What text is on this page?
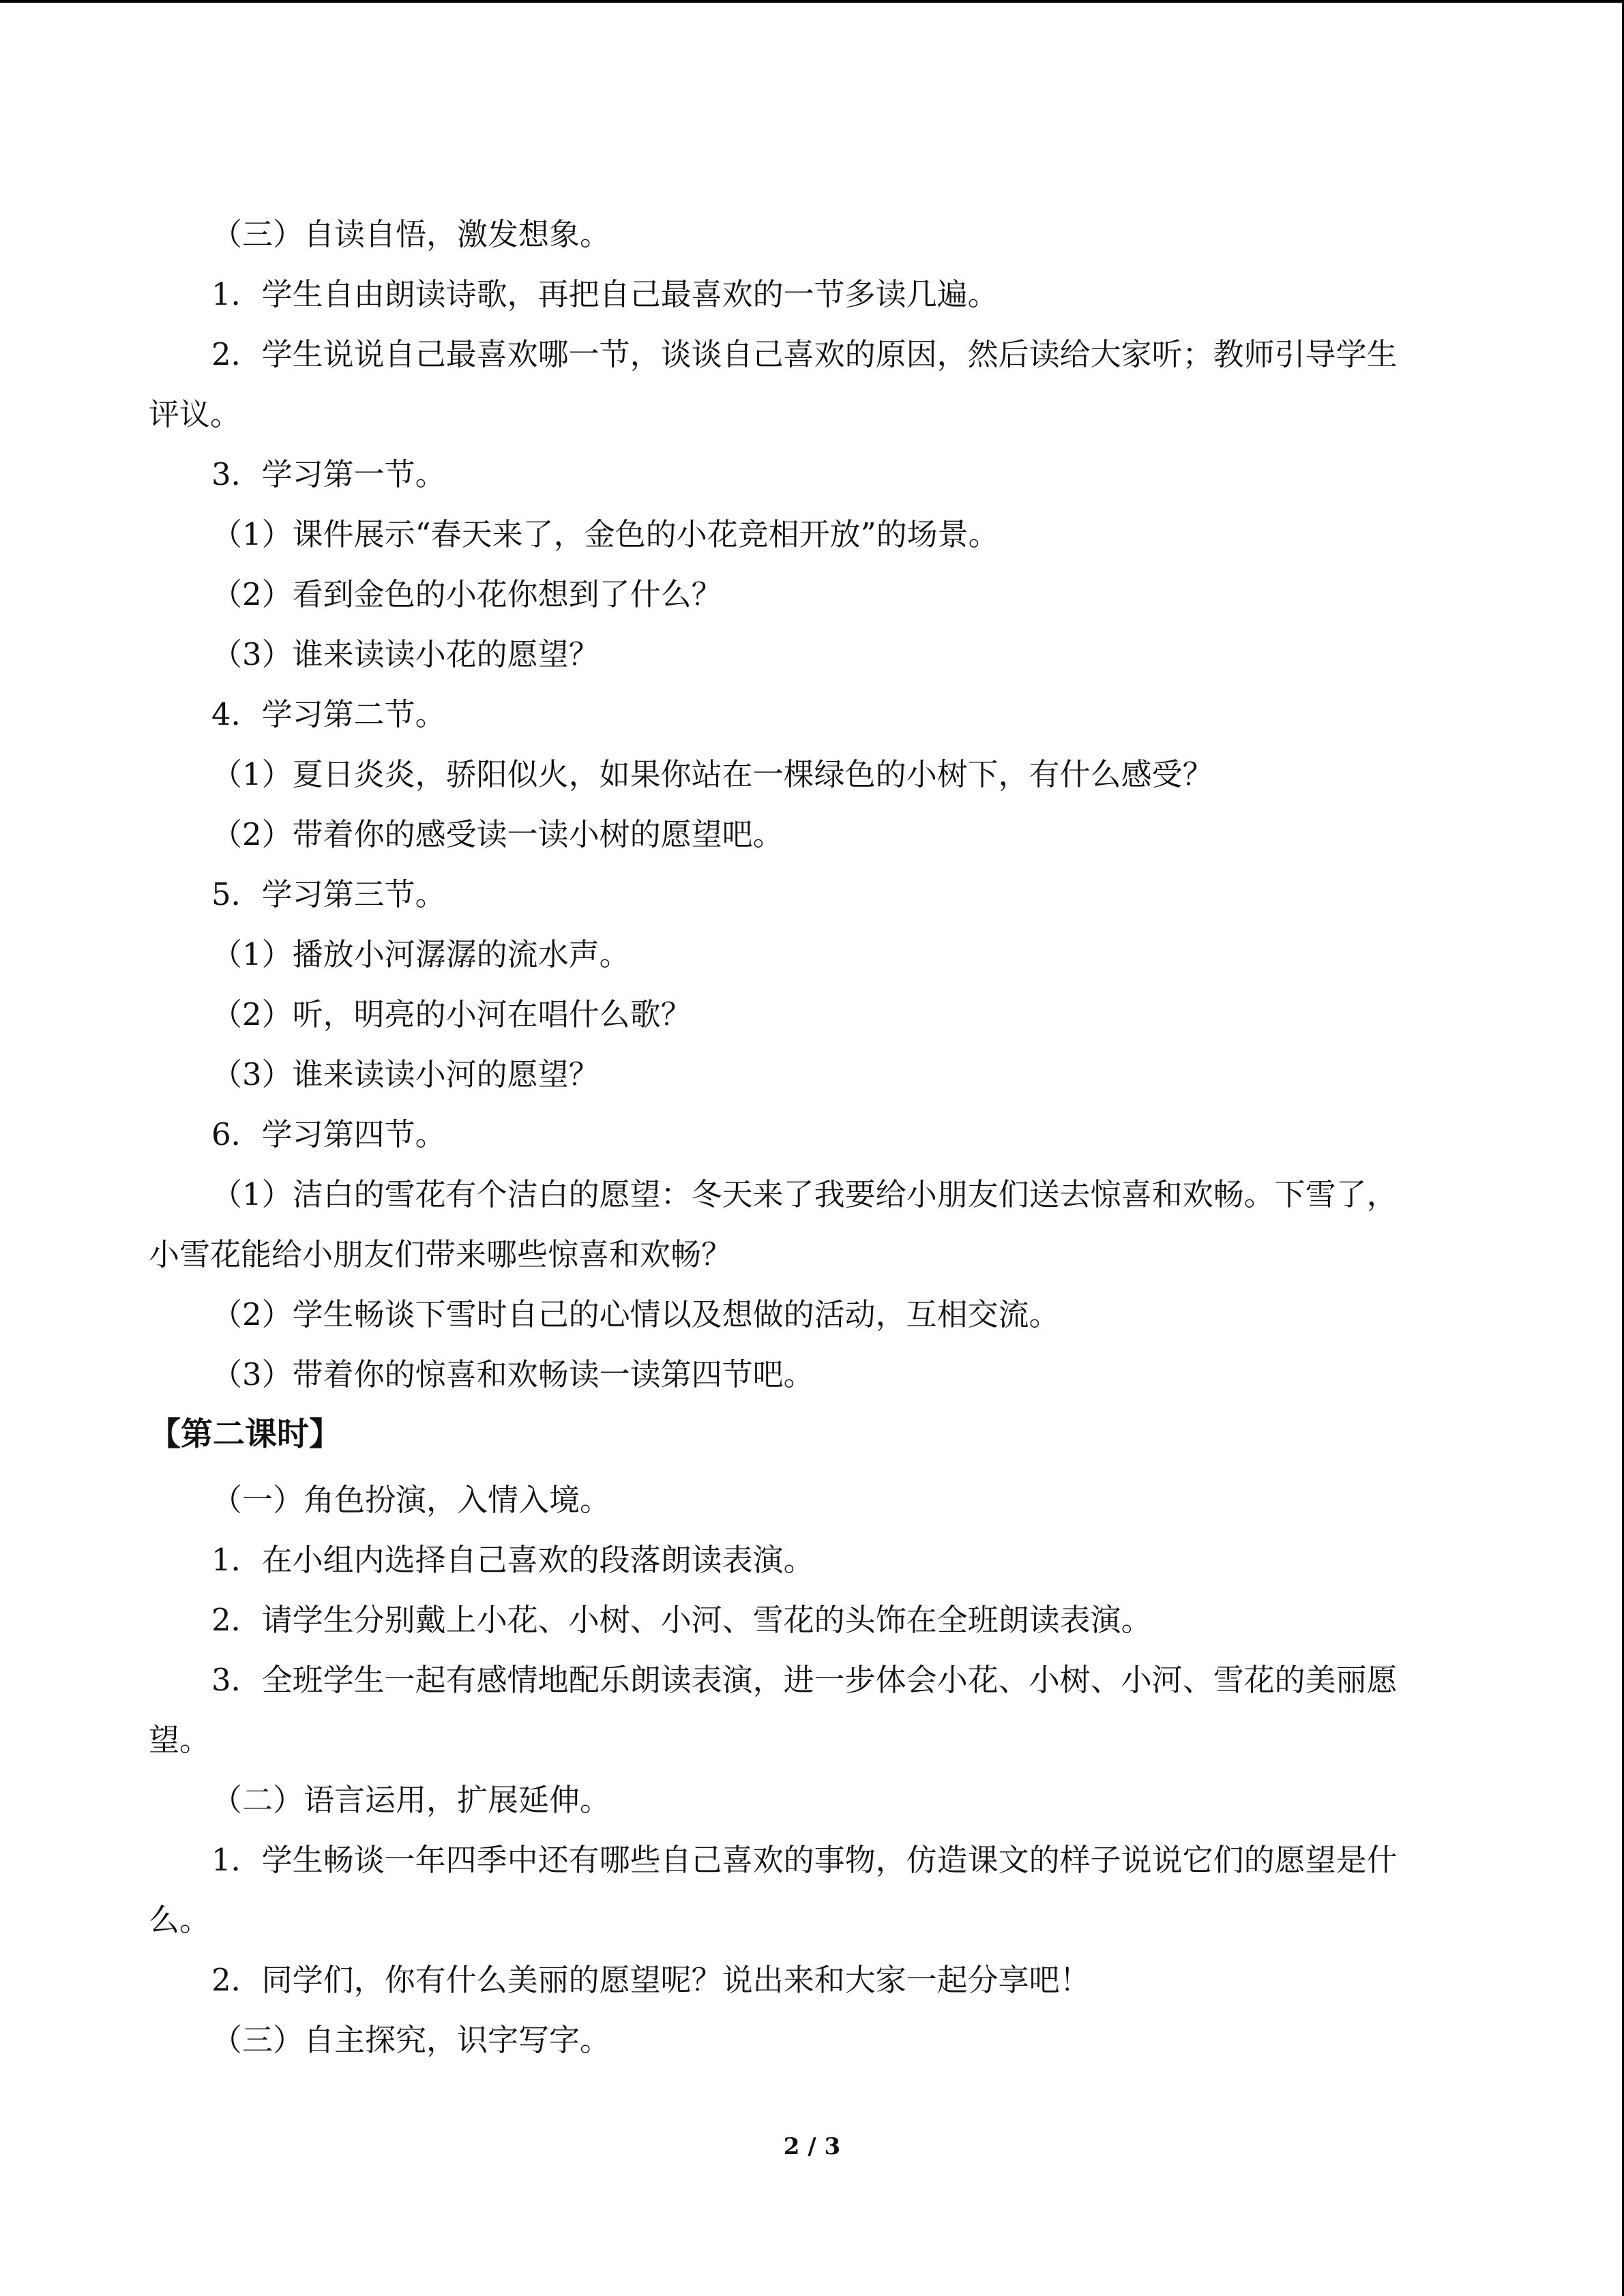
（三）自读自悟，激发想象。

1．学生自由朗读诗歌，再把自己最喜欢的一节多读几遍。

2．学生说说自己最喜欢哪一节，谈谈自己喜欢的原因，然后读给大家听；教师引导学生

评议。

3．学习第一节。

（1）课件展示“春天来了，金色的小花竞相开放”的场景。

（2）看到金色的小花你想到了什么？

（3）谁来读读小花的愿望？

4．学习第二节。

（1）夏日炎炎，骄阳似火，如果你站在一棵绿色的小树下，有什么感受？

（2）带着你的感受读一读小树的愿望吧。

5．学习第三节。

（1）播放小河潺潺的流水声。

（2）听，明亮的小河在唱什么歌？

（3）谁来读读小河的愿望？

6．学习第四节。

（1）洁白的雪花有个洁白的愿望：冬天来了我要给小朋友们送去惊喜和欢畅。下雪了，

小雪花能给小朋友们带来哪些惊喜和欢畅？

（2）学生畅谈下雪时自己的心情以及想做的活动，互相交流。

（3）带着你的惊喜和欢畅读一读第四节吧。

【第二课时】

（一）角色扮演，入情入境。

1．在小组内选择自己喜欢的段落朗读表演。

2．请学生分别戴上小花、小树、小河、雪花的头饰在全班朗读表演。

3．全班学生一起有感情地配乐朗读表演，进一步体会小花、小树、小河、雪花的美丽愿

望。

（二）语言运用，扩展延伸。

1．学生畅谈一年四季中还有哪些自己喜欢的事物，仿造课文的样子说说它们的愿望是什

么。

2．同学们，你有什么美丽的愿望呢？说出来和大家一起分享吧！

（三）自主探究，识字写字。

2 / 3
